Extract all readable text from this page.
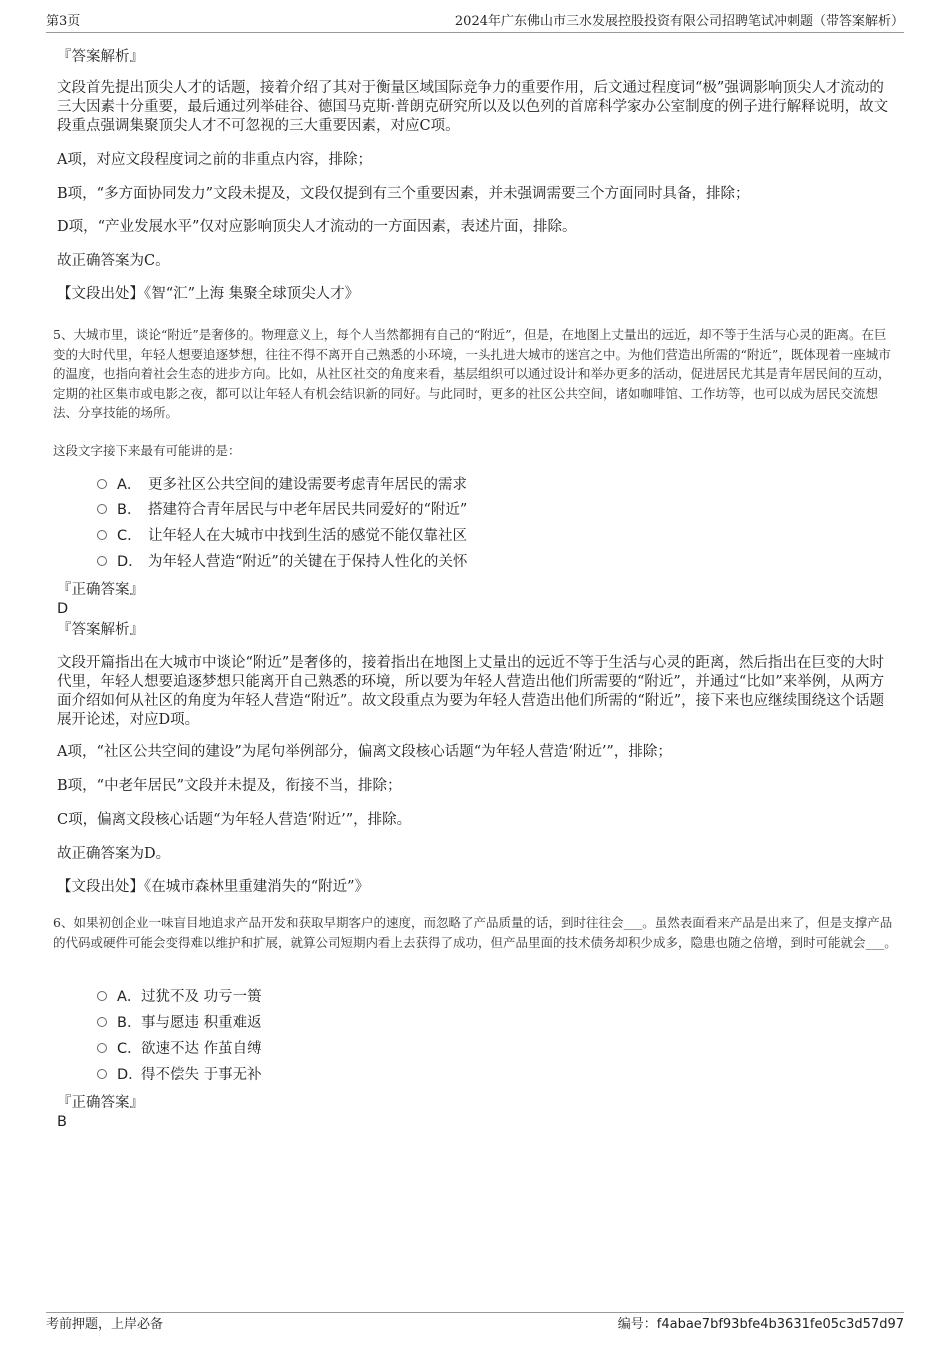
第3页	2024年广东佛山市三水发展控股投资有限公司招聘笔试冲刺题（带答案解析）

『答案解析』

文段首先提出顶尖人才的话题，接着介绍了其对于衡量区域国际竞争力的重要作用，后文通过程度词“极”强调影响顶尖人才流动的三大因素十分重要，最后通过列举硅谷、德国马克斯·普朗克研究所以及以色列的首席科学家办公室制度的例子进行解释说明，故文段重点强调集聚顶尖人才不可忽视的三大重要因素，对应C项。

A项，对应文段程度词之前的非重点内容，排除；

B项，“多方面协同发力”文段未提及，文段仅提到有三个重要因素，并未强调需要三个方面同时具备，排除；

D项，“产业发展水平”仅对应影响顶尖人才流动的一方面因素，表述片面，排除。

故正确答案为C。

【文段出处】《智“汇”上海 集聚全球顶尖人才》

5、大城市里，谈论“附近”是奢侈的。物理意义上，每个人当然都拥有自己的“附近”，但是，在地图上丈量出的远近，却不等于生活与心灵的距离。在巨变的大时代里，年轻人想要追逐梦想，往往不得不离开自己熟悉的小环境，一头扎进大城市的迷宫之中。为他们营造出所需的“附近”，既体现着一座城市的温度，也指向着社会生态的进步方向。比如，从社区社交的角度来看，基层组织可以通过设计和举办更多的活动，促进居民尤其是青年居民间的互动，定期的社区集市或电影之夜，都可以让年轻人有机会结识新的同好。与此同时，更多的社区公共空间，诸如咖啡馆、工作坊等，也可以成为居民交流想法、分享技能的场所。

这段文字接下来最有可能讲的是：

A． 更多社区公共空间的建设需要考虑青年居民的需求
B． 搭建符合青年居民与中老年居民共同爱好的“附近”
C． 让年轻人在大城市中找到生活的感觉不能仅靠社区
D． 为年轻人营造“附近”的关键在于保持人性化的关怀

『正确答案』

D

『答案解析』

文段开篇指出在大城市中谈论“附近”是奢侈的，接着指出在地图上丈量出的远近不等于生活与心灵的距离，然后指出在巨变的大时代里，年轻人想要追逐梦想只能离开自己熟悉的环境，所以要为年轻人营造出他们所需要的“附近”，并通过“比如”来举例，从两方面介绍如何从社区的角度为年轻人营造“附近”。故文段重点为要为年轻人营造出他们所需的“附近”，接下来也应继续围绕这个话题展开论述，对应D项。

A项，“社区公共空间的建设”为尾句举例部分，偏离文段核心话题“为年轻人营造‘附近’”，排除；

B项，“中老年居民”文段并未提及，衔接不当，排除；

C项，偏离文段核心话题“为年轻人营造‘附近’”，排除。

故正确答案为D。

【文段出处】《在城市森林里重建消失的“附近”》

6、如果初创企业一味盲目地追求产品开发和获取早期客户的速度，而忽略了产品质量的话，到时往往会___。虽然表面看来产品是出来了，但是支撑产品的代码或硬件可能会变得难以维护和扩展，就算公司短期内看上去获得了成功，但产品里面的技术债务却积少成多，隐患也随之倍增，到时可能就会___。

A．过犹不及 功亏一篑
B．事与愿违 积重难返
C．欲速不达 作茧自缚
D．得不偿失 于事无补

『正确答案』

B

考前押题，上岸必备	编号：f4abae7bf93bfe4b3631fe05c3d57d97
